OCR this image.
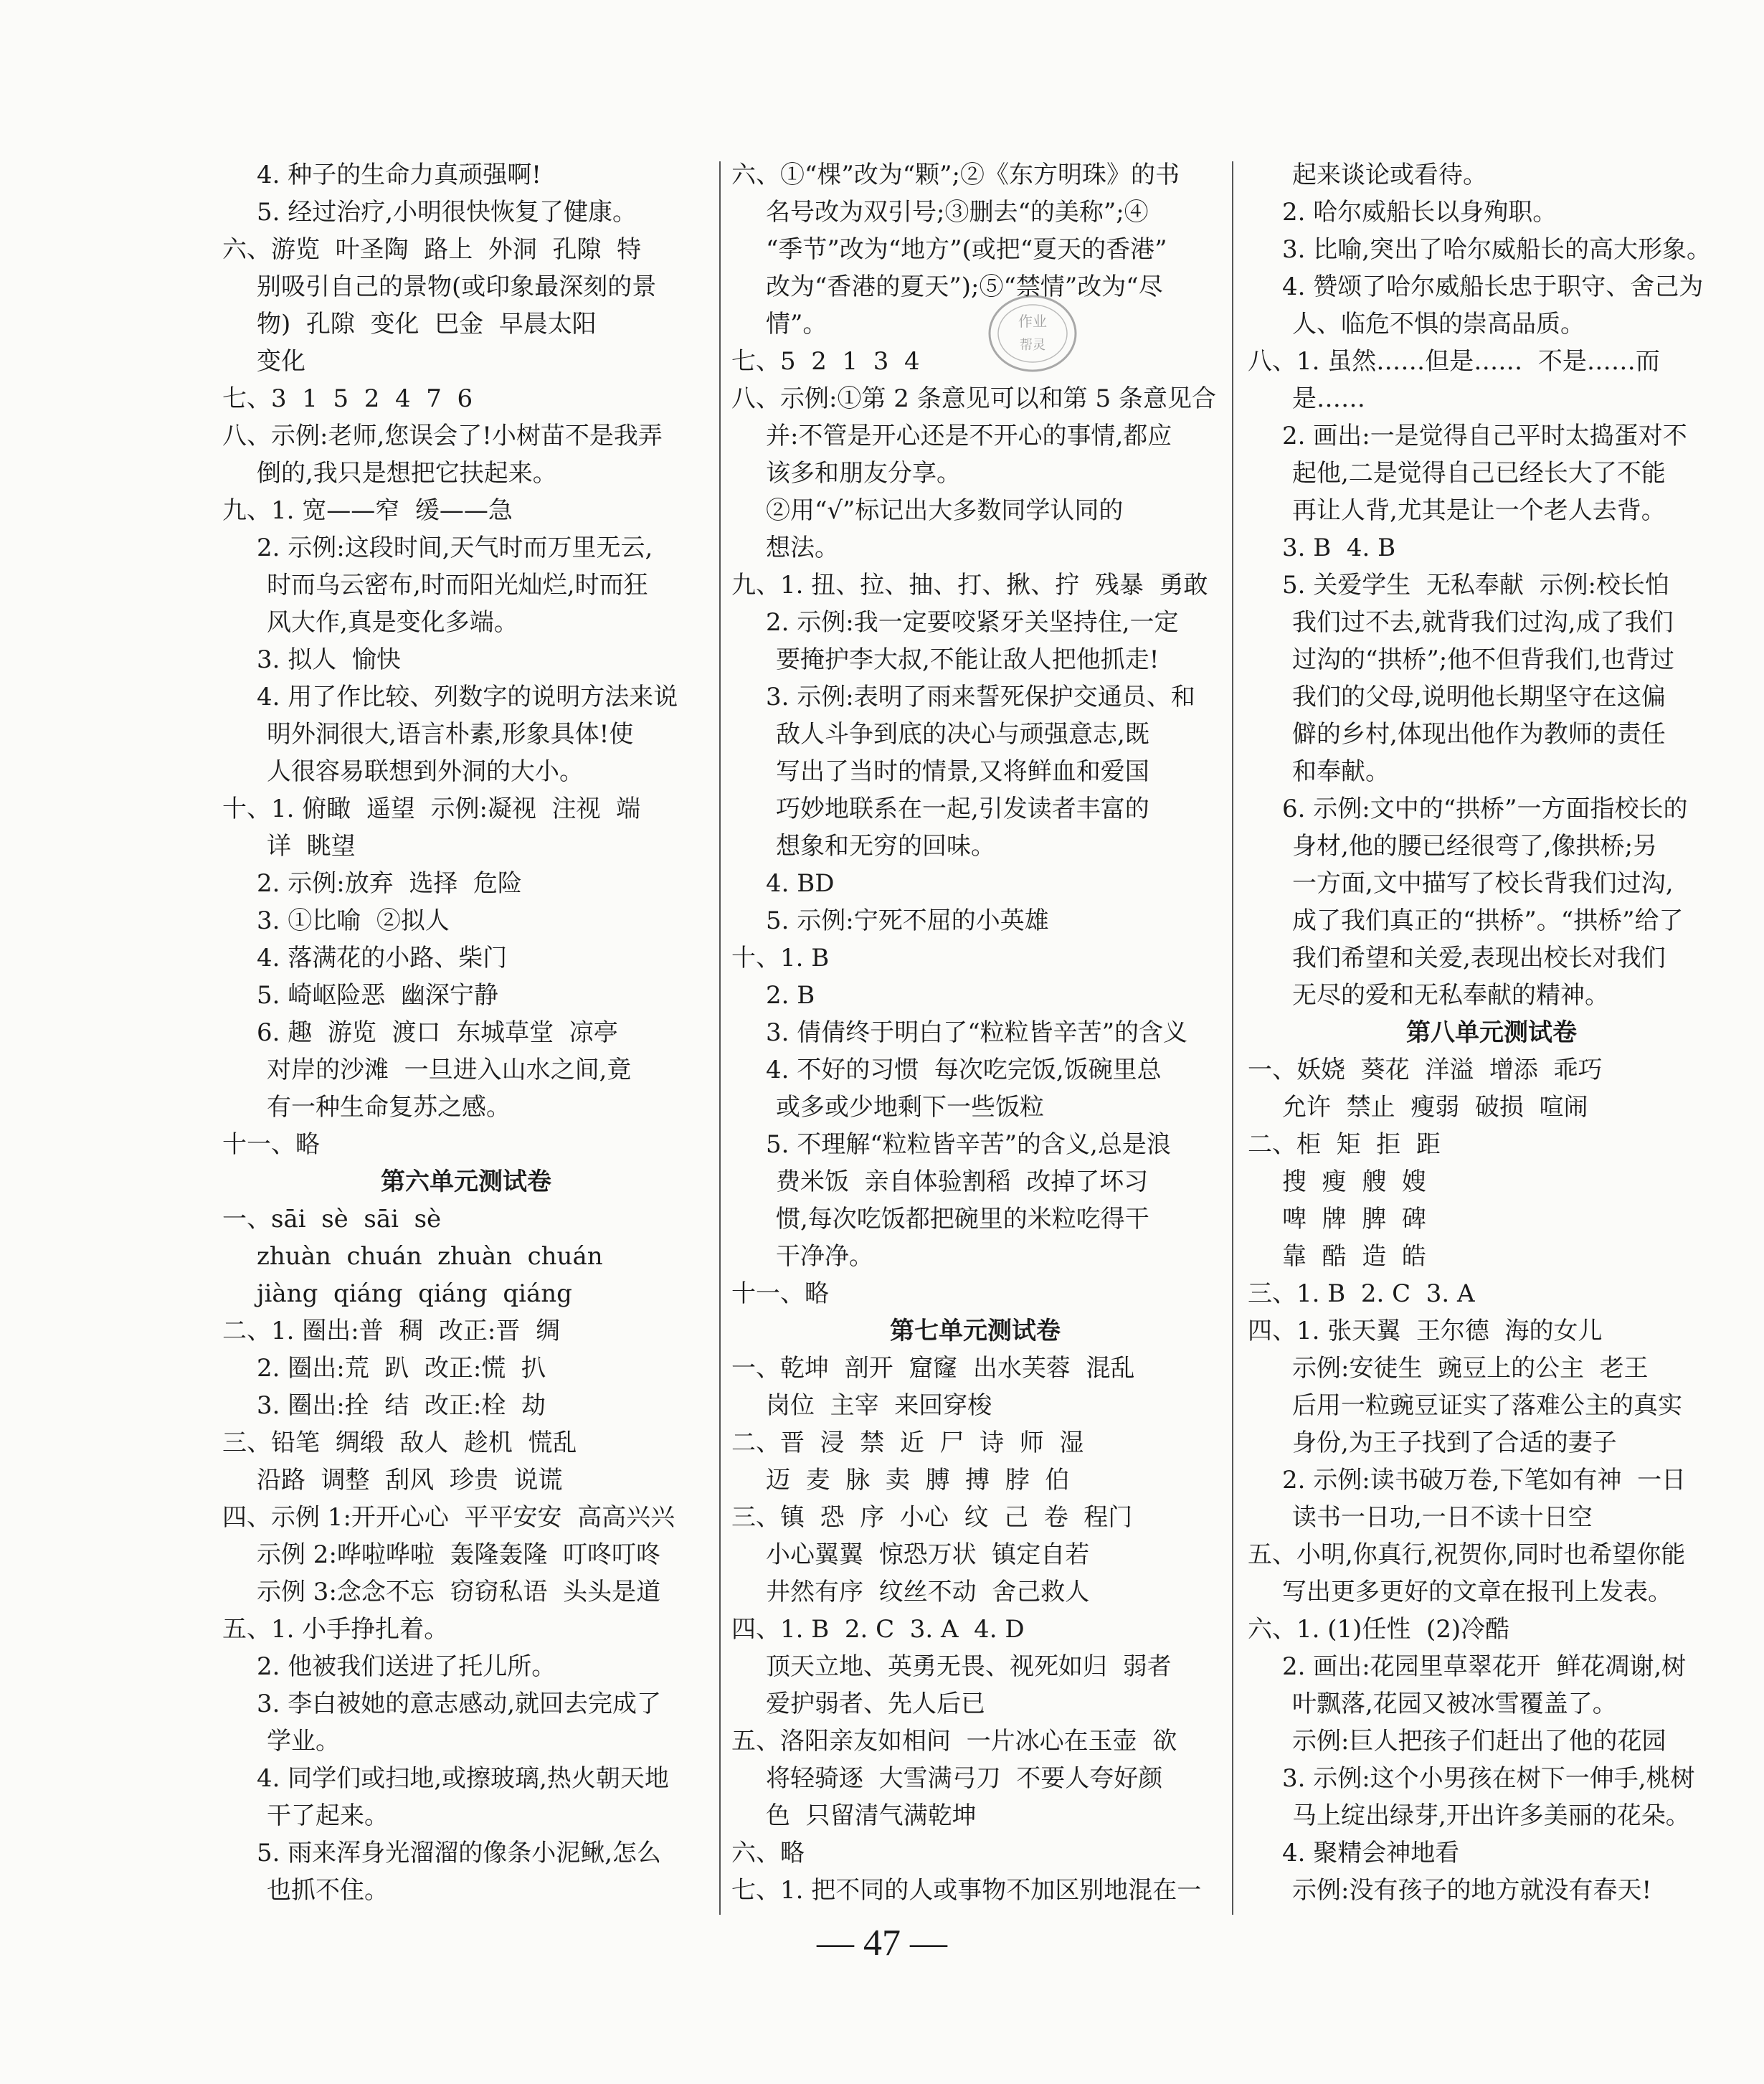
4. 种子的生命力真顽强啊!
5. 经过治疗,小明很快恢复了健康。
六、游览  叶圣陶  路上  外洞  孔隙  特
别吸引自己的景物(或印象最深刻的景
物)  孔隙  变化  巴金  早晨太阳
变化
七、3  1  5  2  4  7  6
八、示例:老师,您误会了!小树苗不是我弄
倒的,我只是想把它扶起来。
九、1. 宽——窄  缓——急
2. 示例:这段时间,天气时而万里无云,
时而乌云密布,时而阳光灿烂,时而狂
风大作,真是变化多端。
3. 拟人  愉快
4. 用了作比较、列数字的说明方法来说
明外洞很大,语言朴素,形象具体!使
人很容易联想到外洞的大小。
十、1. 俯瞰  遥望  示例:凝视  注视  端
详  眺望
2. 示例:放弃  选择  危险
3. ①比喻  ②拟人
4. 落满花的小路、柴门
5. 崎岖险恶  幽深宁静
6. 趣  游览  渡口  东城草堂  凉亭
对岸的沙滩  一旦进入山水之间,竟
有一种生命复苏之感。
十一、略
第六单元测试卷
一、sāi  sè  sāi  sè
zhuàn  chuán  zhuàn  chuán
jiàng  qiáng  qiáng  qiáng
二、1. 圈出:普  稠  改正:晋  绸
2. 圈出:荒  趴  改正:慌  扒
3. 圈出:拴  结  改正:栓  劫
三、铅笔  绸缎  敌人  趁机  慌乱
沿路  调整  刮风  珍贵  说谎
四、示例 1:开开心心  平平安安  高高兴兴
示例 2:哗啦哗啦  轰隆轰隆  叮咚叮咚
示例 3:念念不忘  窃窃私语  头头是道
五、1. 小手挣扎着。
2. 他被我们送进了托儿所。
3. 李白被她的意志感动,就回去完成了
学业。
4. 同学们或扫地,或擦玻璃,热火朝天地
干了起来。
5. 雨来浑身光溜溜的像条小泥鳅,怎么
也抓不住。
六、①“棵”改为“颗”;②《东方明珠》的书
名号改为双引号;③删去“的美称”;④
“季节”改为“地方”(或把“夏天的香港”
改为“香港的夏天”);⑤“禁情”改为“尽
情”。
七、5  2  1  3  4
八、示例:①第 2 条意见可以和第 5 条意见合
并:不管是开心还是不开心的事情,都应
该多和朋友分享。
②用“√”标记出大多数同学认同的
想法。
九、1. 扭、拉、抽、打、揪、拧  残暴  勇敢
2. 示例:我一定要咬紧牙关坚持住,一定
要掩护李大叔,不能让敌人把他抓走!
3. 示例:表明了雨来誓死保护交通员、和
敌人斗争到底的决心与顽强意志,既
写出了当时的情景,又将鲜血和爱国
巧妙地联系在一起,引发读者丰富的
想象和无穷的回味。
4. BD
5. 示例:宁死不屈的小英雄
十、1. B
2. B
3. 倩倩终于明白了“粒粒皆辛苦”的含义
4. 不好的习惯  每次吃完饭,饭碗里总
或多或少地剩下一些饭粒
5. 不理解“粒粒皆辛苦”的含义,总是浪
费米饭  亲自体验割稻  改掉了坏习
惯,每次吃饭都把碗里的米粒吃得干
干净净。
十一、略
第七单元测试卷
一、乾坤  剖开  窟窿  出水芙蓉  混乱
岗位  主宰  来回穿梭
二、晋  浸  禁  近  尸  诗  师  湿
迈  麦  脉  卖  膊  搏  脖  伯
三、镇  恐  序  小心  纹  己  卷  程门
小心翼翼  惊恐万状  镇定自若
井然有序  纹丝不动  舍己救人
四、1. B  2. C  3. A  4. D
顶天立地、英勇无畏、视死如归  弱者
爱护弱者、先人后已
五、洛阳亲友如相问  一片冰心在玉壶  欲
将轻骑逐  大雪满弓刀  不要人夸好颜
色  只留清气满乾坤
六、略
七、1. 把不同的人或事物不加区别地混在一
起来谈论或看待。
2. 哈尔威船长以身殉职。
3. 比喻,突出了哈尔威船长的高大形象。
4. 赞颂了哈尔威船长忠于职守、舍己为
人、临危不惧的崇高品质。
八、1. 虽然……但是……  不是……而
是……
2. 画出:一是觉得自己平时太捣蛋对不
起他,二是觉得自己已经长大了不能
再让人背,尤其是让一个老人去背。
3. B  4. B
5. 关爱学生  无私奉献  示例:校长怕
我们过不去,就背我们过沟,成了我们
过沟的“拱桥”;他不但背我们,也背过
我们的父母,说明他长期坚守在这偏
僻的乡村,体现出他作为教师的责任
和奉献。
6. 示例:文中的“拱桥”一方面指校长的
身材,他的腰已经很弯了,像拱桥;另
一方面,文中描写了校长背我们过沟,
成了我们真正的“拱桥”。“拱桥”给了
我们希望和关爱,表现出校长对我们
无尽的爱和无私奉献的精神。
第八单元测试卷
一、妖娆  葵花  洋溢  增添  乖巧
允许  禁止  瘦弱  破损  喧闹
二、柜  矩  拒  距
搜  瘦  艘  嫂
啤  牌  脾  碑
靠  酷  造  皓
三、1. B  2. C  3. A
四、1. 张天翼  王尔德  海的女儿
示例:安徒生  豌豆上的公主  老王
后用一粒豌豆证实了落难公主的真实
身份,为王子找到了合适的妻子
2. 示例:读书破万卷,下笔如有神  一日
读书一日功,一日不读十日空
五、小明,你真行,祝贺你,同时也希望你能
写出更多更好的文章在报刊上发表。
六、1. (1)任性  (2)冷酷
2. 画出:花园里草翠花开  鲜花凋谢,树
叶飘落,花园又被冰雪覆盖了。
示例:巨人把孩子们赶出了他的花园
3. 示例:这个小男孩在树下一伸手,桃树
马上绽出绿芽,开出许多美丽的花朵。
4. 聚精会神地看
示例:没有孩子的地方就没有春天!
作业
帮灵
— 47 —
